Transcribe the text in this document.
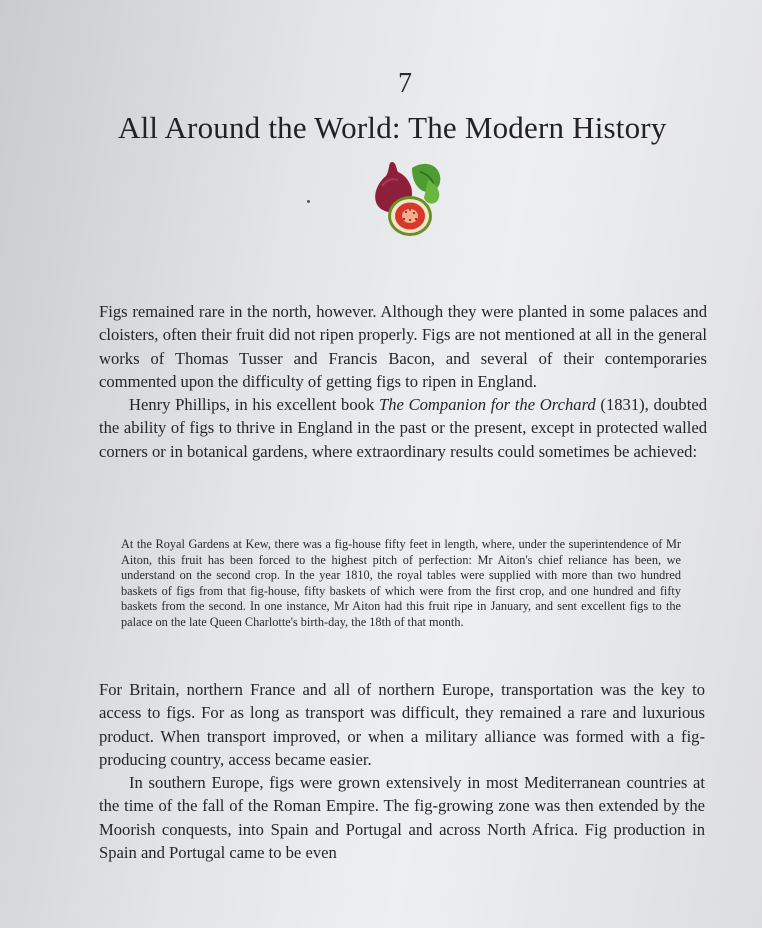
7
All Around the World: The Modern History

Figs remained rare in the north, however. Although they were planted in some palaces and cloisters, often their fruit did not ripen properly. Figs are not mentioned at all in the general works of Thomas Tusser and Francis Bacon, and several of their contemporaries commented upon the difficulty of getting figs to ripen in England.

Henry Phillips, in his excellent book The Companion for the Orchard (1831), doubted the ability of figs to thrive in England in the past or the present, except in protected walled corners or in botanical gardens, where extraordinary results could sometimes be achieved:

At the Royal Gardens at Kew, there was a fig-house fifty feet in length, where, under the superintendence of Mr Aiton, this fruit has been forced to the highest pitch of perfection: Mr Aiton's chief reliance has been, we understand on the second crop. In the year 1810, the royal tables were supplied with more than two hundred baskets of figs from that fig-house, fifty baskets of which were from the first crop, and one hundred and fifty baskets from the second. In one instance, Mr Aiton had this fruit ripe in January, and sent excellent figs to the palace on the late Queen Charlotte's birth-day, the 18th of that month.

For Britain, northern France and all of northern Europe, transportation was the key to access to figs. For as long as transport was difficult, they remained a rare and luxurious product. When transport improved, or when a military alliance was formed with a fig-producing country, access became easier.

In southern Europe, figs were grown extensively in most Mediterranean countries at the time of the fall of the Roman Empire. The fig-growing zone was then extended by the Moorish conquests, into Spain and Portugal and across North Africa. Fig production in Spain and Portugal came to be even
